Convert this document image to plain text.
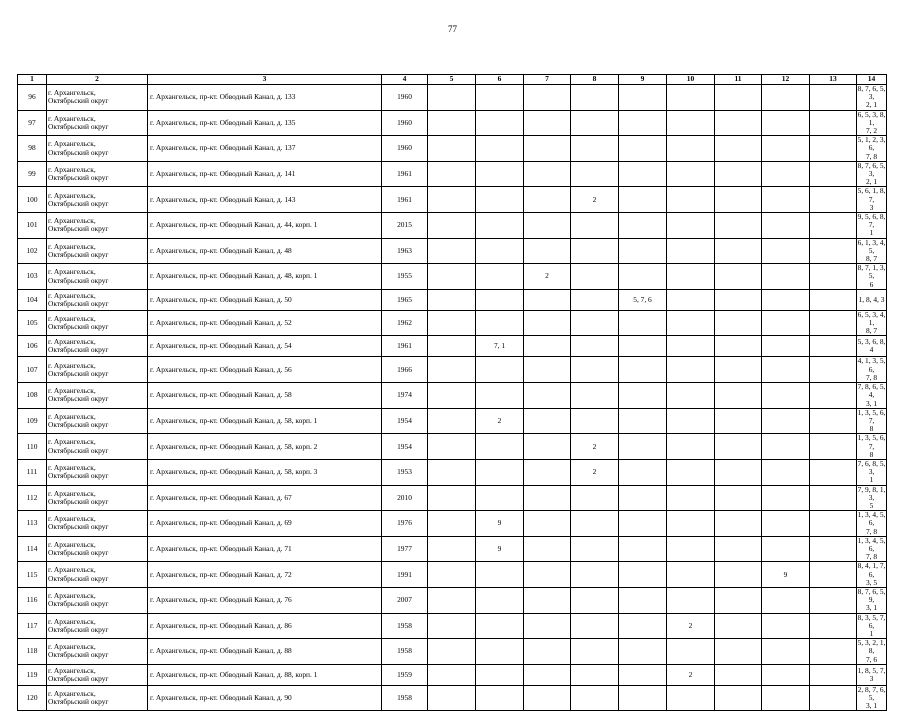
77
1	2	3	4	5	6	7	8	9	10	11	12	13	14
96	г. Архангельск,
Октябрьский округ	г. Архангельск, пр-кт. Обводный Канал, д. 133	1960										8, 7, 6, 5, 3,
2, 1
97	г. Архангельск,
Октябрьский округ	г. Архангельск, пр-кт. Обводный Канал, д. 135	1960										6, 5, 3, 8, 1,
7, 2
98	г. Архангельск,
Октябрьский округ	г. Архангельск, пр-кт. Обводный Канал, д. 137	1960										5, 1, 2, 3, 6,
7, 8
99	г. Архангельск,
Октябрьский округ	г. Архангельск, пр-кт. Обводный Канал, д. 141	1961										8, 7, 6, 5, 3,
2, 1
100	г. Архангельск,
Октябрьский округ	г. Архангельск, пр-кт. Обводный Канал, д. 143	1961				2						5, 6, 1, 8, 7,
3
101	г. Архангельск,
Октябрьский округ	г. Архангельск, пр-кт. Обводный Канал, д. 44, корп. 1	2015										9, 5, 6, 8, 7,
1
102	г. Архангельск,
Октябрьский округ	г. Архангельск, пр-кт. Обводный Канал, д. 48	1963										6, 1, 3, 4, 5,
8, 7
103	г. Архангельск,
Октябрьский округ	г. Архангельск, пр-кт. Обводный Канал, д. 48, корп. 1	1955			2							8, 7, 1, 3, 5,
6
104	г. Архангельск,
Октябрьский округ	г. Архангельск, пр-кт. Обводный Канал, д. 50	1965					5, 7, 6					1, 8, 4, 3
105	г. Архангельск,
Октябрьский округ	г. Архангельск, пр-кт. Обводный Канал, д. 52	1962										6, 5, 3, 4, 1,
8, 7
106	г. Архангельск,
Октябрьский округ	г. Архангельск, пр-кт. Обводный Канал, д. 54	1961		7, 1								5, 3, 6, 8, 4
107	г. Архангельск,
Октябрьский округ	г. Архангельск, пр-кт. Обводный Канал, д. 56	1966										4, 1, 3, 5, 6,
7, 8
108	г. Архангельск,
Октябрьский округ	г. Архангельск, пр-кт. Обводный Канал, д. 58	1974										7, 8, 6, 5, 4,
3, 1
109	г. Архангельск,
Октябрьский округ	г. Архангельск, пр-кт. Обводный Канал, д. 58, корп. 1	1954		2								1, 3, 5, 6, 7,
8
110	г. Архангельск,
Октябрьский округ	г. Архангельск, пр-кт. Обводный Канал, д. 58, корп. 2	1954				2						1, 3, 5, 6, 7,
8
111	г. Архангельск,
Октябрьский округ	г. Архангельск, пр-кт. Обводный Канал, д. 58, корп. 3	1953				2						7, 6, 8, 5, 3,
1
112	г. Архангельск,
Октябрьский округ	г. Архангельск, пр-кт. Обводный Канал, д. 67	2010										7, 9, 8, 1, 3,
5
113	г. Архангельск,
Октябрьский округ	г. Архангельск, пр-кт. Обводный Канал, д. 69	1976		9								1, 3, 4, 5, 6,
7, 8
114	г. Архангельск,
Октябрьский округ	г. Архангельск, пр-кт. Обводный Канал, д. 71	1977		9								1, 3, 4, 5, 6,
7, 8
115	г. Архангельск,
Октябрьский округ	г. Архангельск, пр-кт. Обводный Канал, д. 72	1991								9		8, 4, 1, 7, 6,
3, 5
116	г. Архангельск,
Октябрьский округ	г. Архангельск, пр-кт. Обводный Канал, д. 76	2007										8, 7, 6, 5, 9,
3, 1
117	г. Архангельск,
Октябрьский округ	г. Архангельск, пр-кт. Обводный Канал, д. 86	1958						2				8, 3, 5, 7, 6,
1
118	г. Архангельск,
Октябрьский округ	г. Архангельск, пр-кт. Обводный Канал, д. 88	1958										5, 3, 2, 1, 8,
7, 6
119	г. Архангельск,
Октябрьский округ	г. Архангельск, пр-кт. Обводный Канал, д. 88, корп. 1	1959						2				1, 8, 5, 7, 3
120	г. Архангельск,
Октябрьский округ	г. Архангельск, пр-кт. Обводный Канал, д. 90	1958										2, 8, 7, 6, 5,
3, 1
